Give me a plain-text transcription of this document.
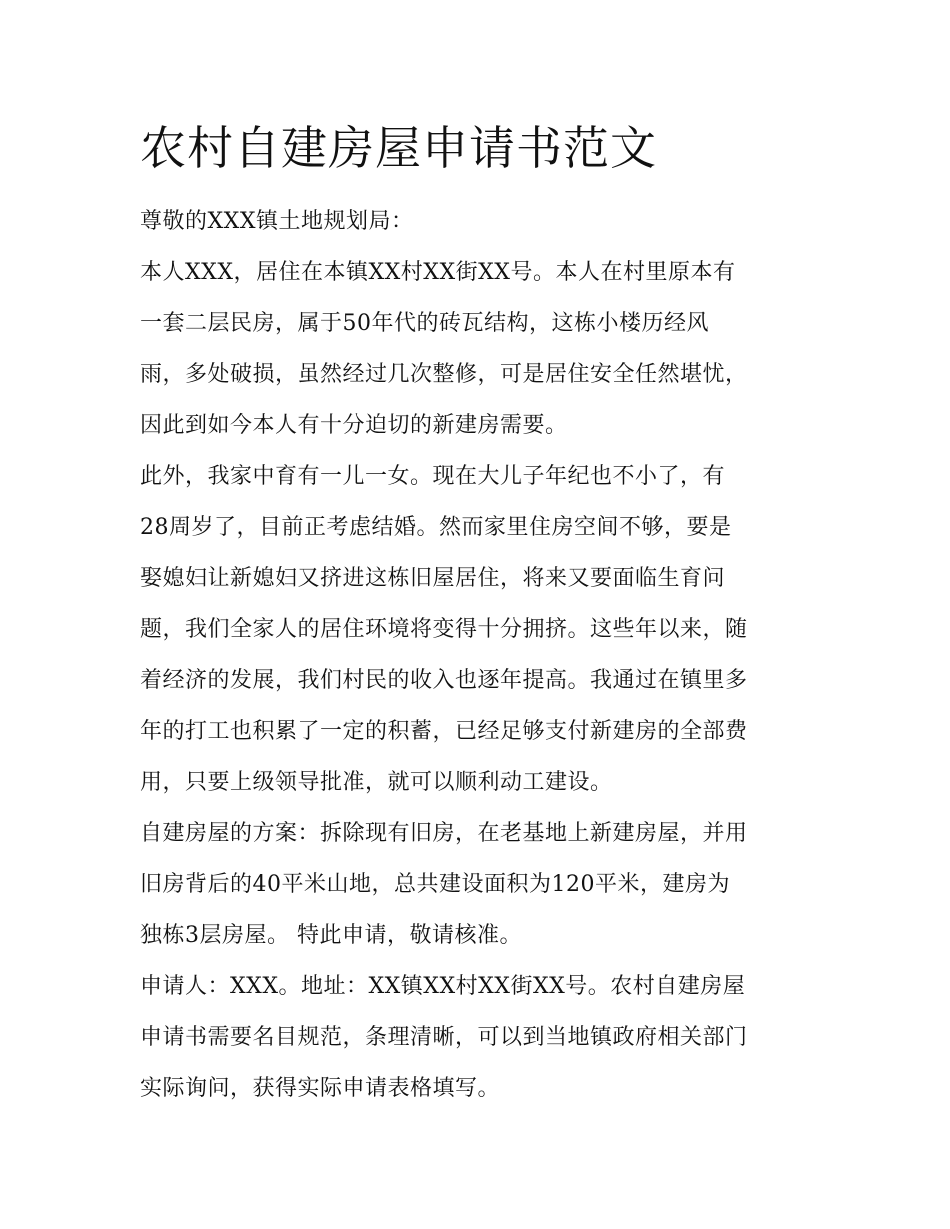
农村自建房屋申请书范文

尊敬的XXX镇土地规划局：

本人XXX，居住在本镇XX村XX街XX号。本人在村里原本有

一套二层民房，属于50年代的砖瓦结构，这栋小楼历经风

雨，多处破损，虽然经过几次整修，可是居住安全任然堪忧，

因此到如今本人有十分迫切的新建房需要。

此外，我家中育有一儿一女。现在大儿子年纪也不小了，有

28周岁了，目前正考虑结婚。然而家里住房空间不够，要是

娶媳妇让新媳妇又挤进这栋旧屋居住，将来又要面临生育问

题，我们全家人的居住环境将变得十分拥挤。这些年以来，随

着经济的发展，我们村民的收入也逐年提高。我通过在镇里多

年的打工也积累了一定的积蓄，已经足够支付新建房的全部费

用，只要上级领导批准，就可以顺利动工建设。

自建房屋的方案：拆除现有旧房，在老基地上新建房屋，并用

旧房背后的40平米山地，总共建设面积为120平米，建房为

独栋3层房屋。 特此申请，敬请核准。

申请人：XXX。地址：XX镇XX村XX街XX号。农村自建房屋

申请书需要名目规范，条理清晰，可以到当地镇政府相关部门

实际询问，获得实际申请表格填写。
